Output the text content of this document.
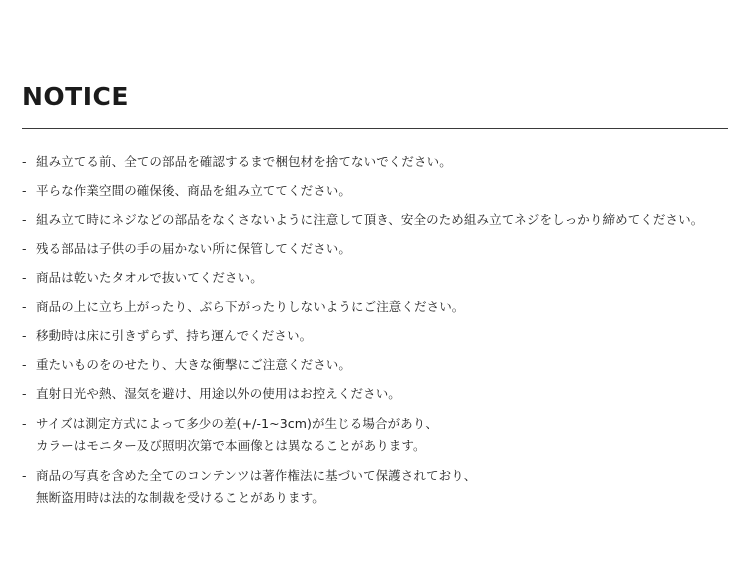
NOTICE
- 組み立てる前、全ての部品を確認するまで梱包材を捨てないでください。
- 平らな作業空間の確保後、商品を組み立ててください。
- 組み立て時にネジなどの部品をなくさないように注意して頂き、安全のため組み立てネジをしっかり締めてください。
- 残る部品は子供の手の届かない所に保管してください。
- 商品は乾いたタオルで抜いてください。
- 商品の上に立ち上がったり、ぶら下がったりしないようにご注意ください。
- 移動時は床に引きずらず、持ち運んでください。
- 重たいものをのせたり、大きな衝撃にご注意ください。
- 直射日光や熱、湿気を避け、用途以外の使用はお控えください。
- サイズは測定方式によって多少の差(+/-1~3cm)が生じる場合があり、
カラーはモニター及び照明次第で本画像とは異なることがあります。
- 商品の写真を含めた全てのコンテンツは著作権法に基づいて保護されており、
無断盗用時は法的な制裁を受けることがあります。
